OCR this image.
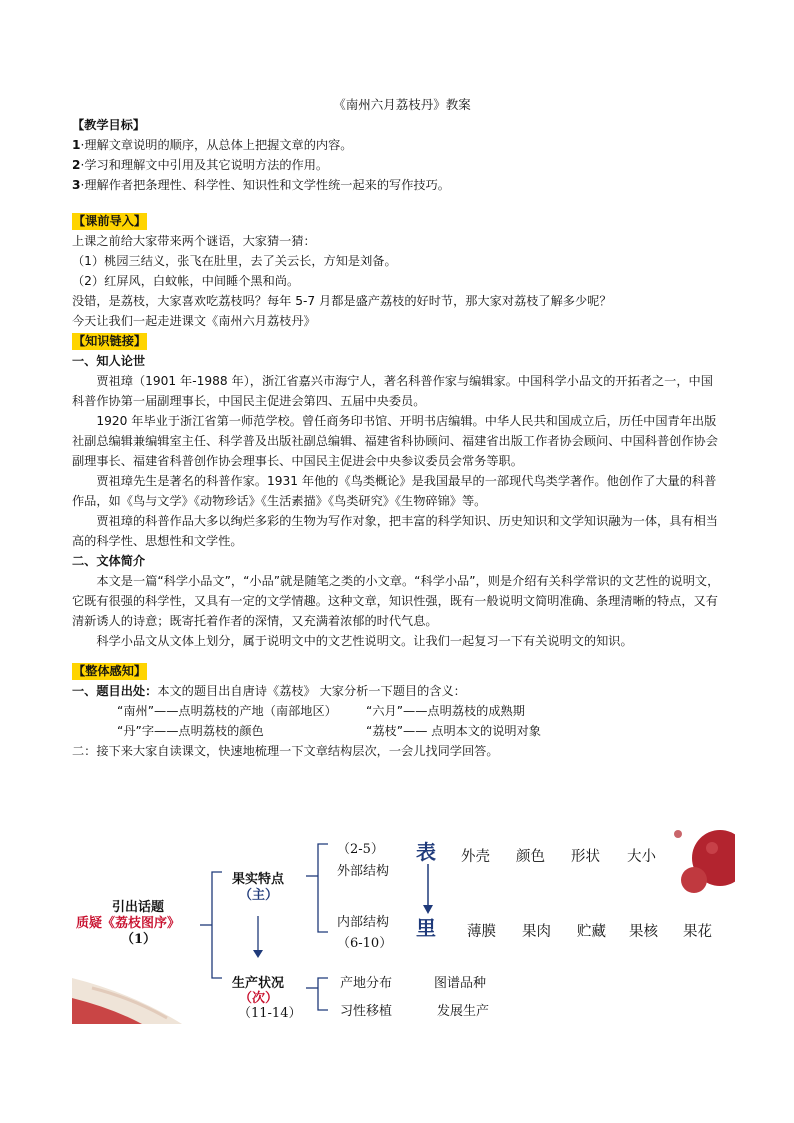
《南州六月荔枝丹》教案
【教学目标】
1·理解文章说明的顺序，从总体上把握文章的内容。
2·学习和理解文中引用及其它说明方法的作用。
3·理解作者把条理性、科学性、知识性和文学性统一起来的写作技巧。
【课前导入】
上课之前给大家带来两个谜语，大家猜一猜：
（1）桃园三结义，张飞在肚里，去了关云长，方知是刘备。
（2）红屏风，白蚊帐，中间睡个黑和尚。
没错，是荔枝，大家喜欢吃荔枝吗？每年 5-7 月都是盛产荔枝的好时节，那大家对荔枝了解多少呢？
今天让我们一起走进课文《南州六月荔枝丹》
【知识链接】
一、知人论世
贾祖璋（1901 年-1988 年），浙江省嘉兴市海宁人，著名科普作家与编辑家。中国科学小品文的开拓者之一，中国科普作协第一届副理事长，中国民主促进会第四、五届中央委员。
1920 年毕业于浙江省第一师范学校。曾任商务印书馆、开明书店编辑。中华人民共和国成立后，历任中国青年出版社副总编辑兼编辑室主任、科学普及出版社副总编辑、福建省科协顾问、福建省出版工作者协会顾问、中国科普创作协会副理事长、福建省科普创作协会理事长、中国民主促进会中央参议委员会常务等职。
贾祖璋先生是著名的科普作家。1931 年他的《鸟类概论》是我国最早的一部现代鸟类学著作。他创作了大量的科普作品，如《鸟与文学》《动物珍话》《生活素描》《鸟类研究》《生物碎锦》等。
贾祖璋的科普作品大多以绚烂多彩的生物为写作对象，把丰富的科学知识、历史知识和文学知识融为一体，具有相当高的科学性、思想性和文学性。
二、文体简介
本文是一篇“科学小品文”，“小品”就是随笔之类的小文章。“科学小品”，则是介绍有关科学常识的文艺性的说明文，它既有很强的科学性，又具有一定的文学情趣。这种文章，知识性强，既有一般说明文简明准确、条理清晰的特点，又有清新诱人的诗意；既寄托着作者的深情，又充满着浓郁的时代气息。
科学小品文从文体上划分，属于说明文中的文艺性说明文。让我们一起复习一下有关说明文的知识。
【整体感知】
一、题目出处：本文的题目出自唐诗《荔枝》 大家分析一下题目的含义：
“南州”——点明荔枝的产地（南部地区） “六月”——点明荔枝的成熟期
“丹”字——点明荔枝的颜色	“荔枝”—— 点明本文的说明对象
二：接下来大家自读课文，快速地梳理一下文章结构层次，一会儿找同学回答。
引出话题
质疑《荔枝图序》
（1）
果实特点
（主）
生产状况
（次）
（11-14）
（2-5）
外部结构
内部结构
（6-10）
表
里
外壳 颜色 形状 大小
薄膜 果肉 贮藏 果核 果花
产地分布	图谱品种
习性移植	发展生产
